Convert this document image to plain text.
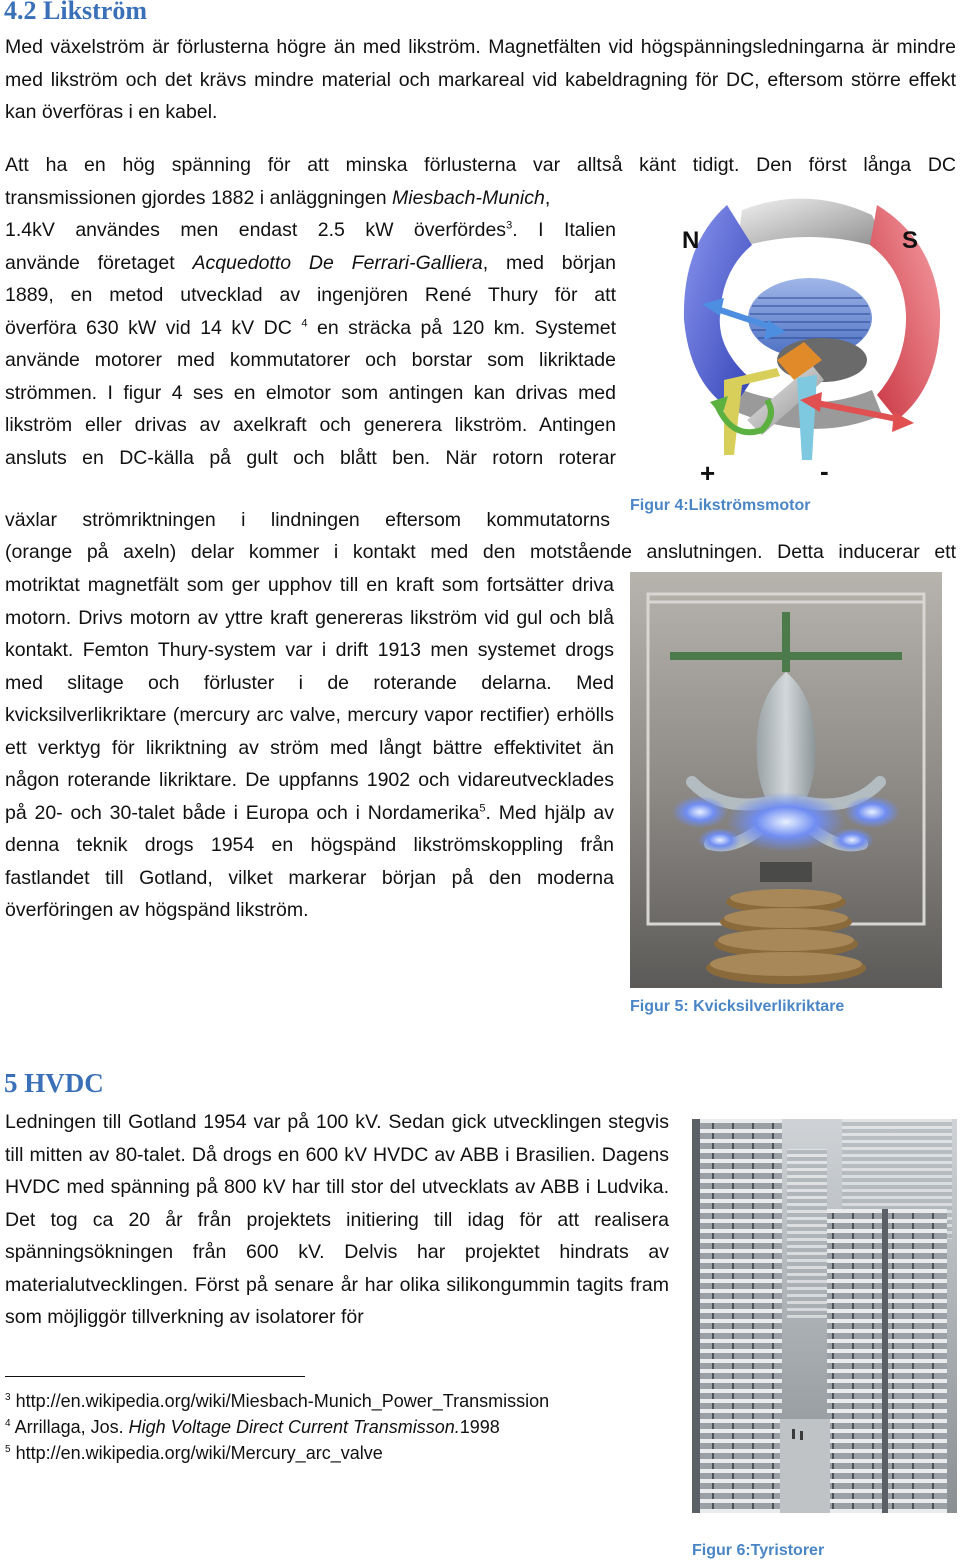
4.2 Likström

Med växelström är förlusterna högre än med likström. Magnetfälten vid högspänningsledningarna är mindre med likström och det krävs mindre material och markareal vid kabeldragning för DC, eftersom större effekt kan överföras i en kabel.

Att ha en hög spänning för att minska förlusterna var alltså känt tidigt. Den först långa DC

transmissionen gjordes 1882 i anläggningen Miesbach-Munich,

1.4kV användes men endast 2.5 kW överfördes$^3$. I Italien

använde företaget Acquedotto De Ferrari-Galliera, med början

1889, en metod utvecklad av ingenjören René Thury för att

överföra 630 kW vid 14 kV DC $^4$ en sträcka på 120 km. Systemet

använde motorer med kommutatorer och borstar som likriktade

strömmen. I figur 4 ses en elmotor som antingen kan drivas med

likström eller drivas av axelkraft och generera likström. Antingen

ansluts en DC-källa på gult och blått ben. När rotorn roterar

växlar strömriktningen i lindningen eftersom kommutatorns

(orange på axeln) delar kommer i kontakt med den motstående anslutningen. Detta inducerar ett

motriktat magnetfält som ger upphov till en kraft som fortsätter driva motorn. Drivs motorn av yttre kraft genereras likström vid gul och blå kontakt. Femton Thury-system var i drift 1913 men systemet drogs med slitage och förluster i de roterande delarna. Med kvicksilverlikriktare (mercury arc valve, mercury vapor rectifier) erhölls ett verktyg för likriktning av ström med långt bättre effektivitet än någon roterande likriktare. De uppfanns 1902 och vidareutvecklades på 20- och 30-talet både i Europa och i Nordamerika$^5$. Med hjälp av denna teknik drogs 1954 en högspänd likströmskoppling från fastlandet till Gotland, vilket markerar början på den moderna överföringen av högspänd likström.

N	S
+	-
Figur 4:Likströmsmotor
Figur 5: Kvicksilverlikriktare
5 HVDC

Ledningen till Gotland 1954 var på 100 kV. Sedan gick utvecklingen stegvis till mitten av 80-talet. Då drogs en 600 kV HVDC av ABB i Brasilien. Dagens HVDC med spänning på 800 kV har till stor del utvecklats av ABB i Ludvika. Det tog ca 20 år från projektets initiering till idag för att realisera spänningsökningen från 600 kV. Delvis har projektet hindrats av materialutvecklingen. Först på senare år har olika silikongummin tagits fram som möjliggör tillverkning av isolatorer för

Figur 6:Tyristorer
$^3$ http://en.wikipedia.org/wiki/Miesbach-Munich_Power_Transmission
$^4$ Arrillaga, Jos. High Voltage Direct Current Transmisson.1998
$^5$ http://en.wikipedia.org/wiki/Mercury_arc_valve
